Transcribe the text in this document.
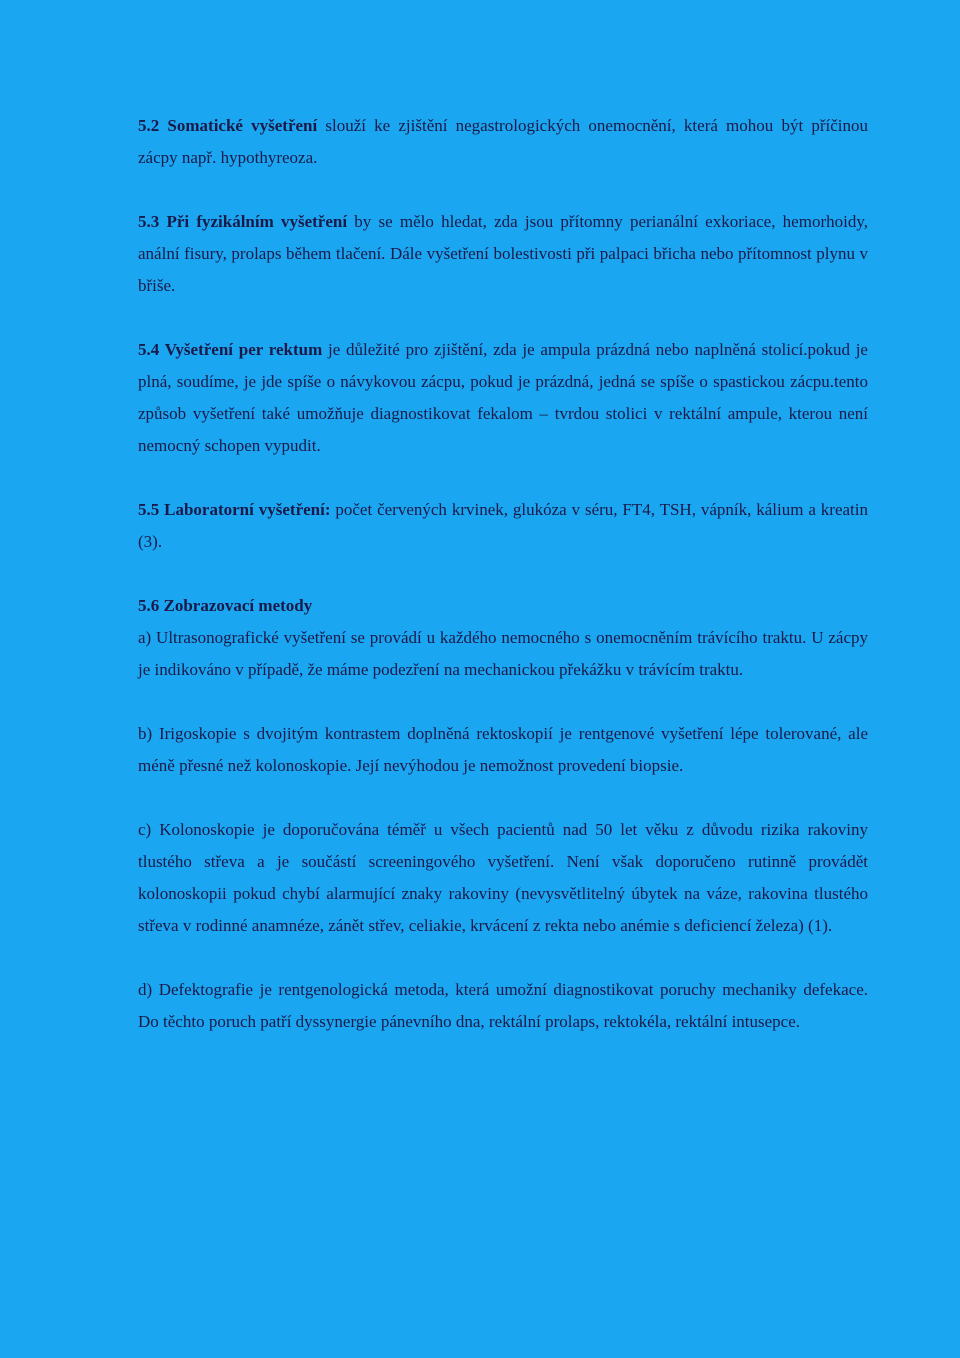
5.2 Somatické vyšetření slouží ke zjištění negastrologických onemocnění, která mohou být příčinou zácpy např. hypothyreoza.

5.3 Při fyzikálním vyšetření by se mělo hledat, zda jsou přítomny perianální exkoriace, hemorhoidy, anální fisury, prolaps během tlačení. Dále vyšetření bolestivosti při palpaci břicha nebo přítomnost plynu v břiše.

5.4 Vyšetření per rektum je důležité pro zjištění, zda je ampula prázdná nebo naplněná stolicí.pokud je plná, soudíme, je jde spíše o návykovou zácpu, pokud je prázdná, jedná se spíše o spastickou zácpu.tento způsob vyšetření také umožňuje diagnostikovat fekalom – tvrdou stolici v rektální ampule, kterou není nemocný schopen vypudit.

5.5 Laboratorní vyšetření: počet červených krvinek, glukóza v séru, FT4, TSH, vápník, kálium a kreatin (3).

5.6 Zobrazovací metody

a) Ultrasonografické vyšetření se provádí u každého nemocného s onemocněním trávícího traktu. U zácpy je indikováno v případě, že máme podezření na mechanickou překážku v trávícím traktu.

b) Irigoskopie s dvojitým kontrastem doplněná rektoskopií je rentgenové vyšetření lépe tolerované, ale méně přesné než kolonoskopie. Její nevýhodou je nemožnost provedení biopsie.

c) Kolonoskopie je doporučována téměř u všech pacientů nad 50 let věku z důvodu rizika rakoviny tlustého střeva a je součástí screeningového vyšetření. Není však doporučeno rutinně provádět kolonoskopii pokud chybí alarmující znaky rakoviny (nevysvětlitelný úbytek na váze, rakovina tlustého střeva v rodinné anamnéze, zánět střev, celiakie, krvácení z rekta nebo anémie s deficiencí železa) (1).

d) Defektografie je rentgenologická metoda, která umožní diagnostikovat poruchy mechaniky defekace. Do těchto poruch patří dyssynergie pánevního dna, rektální prolaps, rektokéla, rektální intusepce.
